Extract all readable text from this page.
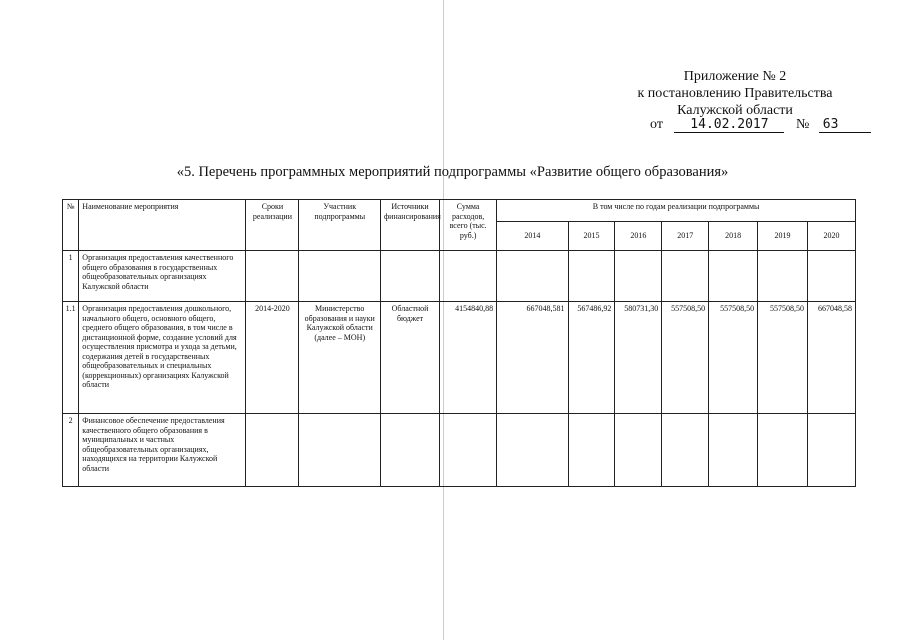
Приложение № 2
к постановлению Правительства
Калужской области
от 14.02.2017 № 63
«5. Перечень программных мероприятий подпрограммы «Развитие общего образования»
№	Наименование мероприятия	Сроки реализации	Участник подпрограммы	Источники финансирования	Сумма расходов, всего (тыс. руб.)	В том числе по годам реализации подпрограммы						
						2014	2015	2016	2017	2018	2019	2020
1	Организация предоставления качественного общего образования в государственных общеобразовательных организациях Калужской области											
1.1	Организация предоставления дошкольного, начального общего, основного общего, среднего общего образования, в том числе в дистанционной форме, создание условий для осуществления присмотра и ухода за детьми, содержания детей в государственных общеобразовательных и специальных (коррекционных) организациях Калужской области	2014-2020	Министерство образования и науки Калужской области (далее – МОН)	Областной бюджет	4154840,88	667048,581	567486,92	580731,30	557508,50	557508,50	557508,50	667048,58
2	Финансовое обеспечение предоставления качественного общего образования в муниципальных и частных общеобразовательных организациях, находящихся на территории Калужской области											
